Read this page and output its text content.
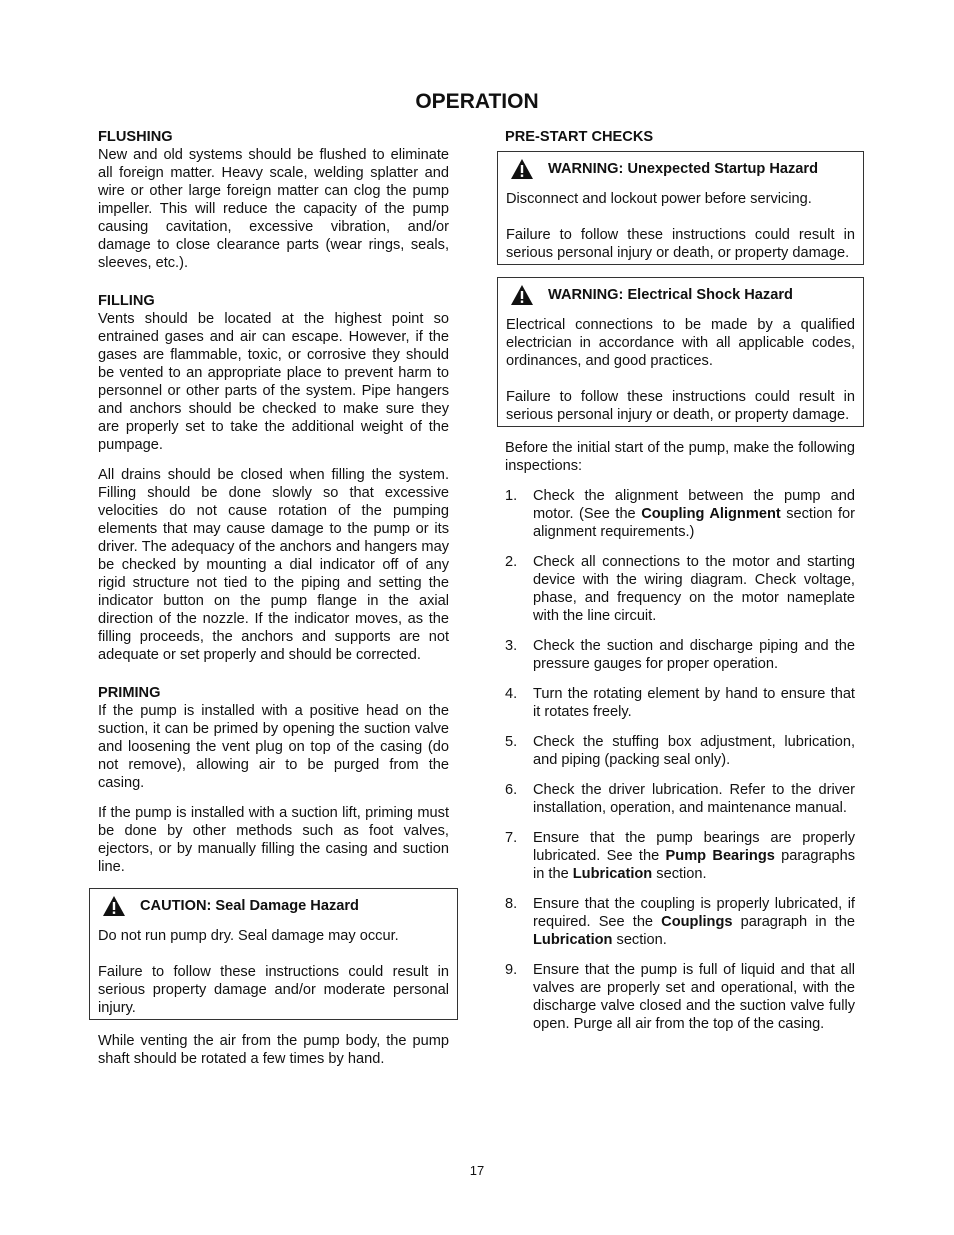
OPERATION
FLUSHING

New and old systems should be flushed to eliminate all foreign matter. Heavy scale, welding splatter and wire or other large foreign matter can clog the pump impeller. This will reduce the capacity of the pump causing cavitation, excessive vibration, and/or damage to close clearance parts (wear rings, seals, sleeves, etc.).

FILLING

Vents should be located at the highest point so entrained gases and air can escape. However, if the gases are flammable, toxic, or corrosive they should be vented to an appropriate place to prevent harm to personnel or other parts of the system. Pipe hangers and anchors should be checked to make sure they are properly set to take the additional weight of the pumpage.

All drains should be closed when filling the system. Filling should be done slowly so that excessive velocities do not cause rotation of the pumping elements that may cause damage to the pump or its driver. The adequacy of the anchors and hangers may be checked by mounting a dial indicator off of any rigid structure not tied to the piping and setting the indicator button on the pump flange in the axial direction of the nozzle. If the indicator moves, as the filling proceeds, the anchors and supports are not adequate or set properly and should be corrected.

PRIMING

If the pump is installed with a positive head on the suction, it can be primed by opening the suction valve and loosening the vent plug on top of the casing (do not remove), allowing air to be purged from the casing.

If the pump is installed with a suction lift, priming must be done by other methods such as foot valves, ejectors, or by manually filling the casing and suction line.

CAUTION: Seal Damage Hazard

Do not run pump dry. Seal damage may occur.

Failure to follow these instructions could result in serious property damage and/or moderate personal injury.

While venting the air from the pump body, the pump shaft should be rotated a few times by hand.

PRE-START CHECKS
WARNING: Unexpected Startup Hazard

Disconnect and lockout power before servicing.

Failure to follow these instructions could result in serious personal injury or death, or property damage.

WARNING: Electrical Shock Hazard

Electrical connections to be made by a qualified electrician in accordance with all applicable codes, ordinances, and good practices.

Failure to follow these instructions could result in serious personal injury or death, or property damage.

Before the initial start of the pump, make the following inspections:

1.	Check the alignment between the pump and motor. (See the Coupling Alignment section for alignment requirements.)
2.	Check all connections to the motor and starting device with the wiring diagram. Check voltage, phase, and frequency on the motor nameplate with the line circuit.
3.	Check the suction and discharge piping and the pressure gauges for proper operation.
4.	Turn the rotating element by hand to ensure that it rotates freely.
5.	Check the stuffing box adjustment, lubrication, and piping (packing seal only).
6.	Check the driver lubrication. Refer to the driver installation, operation, and maintenance manual.
7.	Ensure that the pump bearings are properly lubricated. See the Pump Bearings paragraphs in the Lubrication section.
8.	Ensure that the coupling is properly lubricated, if required. See the Couplings paragraph in the Lubrication section.
9.	Ensure that the pump is full of liquid and that all valves are properly set and operational, with the discharge valve closed and the suction valve fully open. Purge all air from the top of the casing.
17
